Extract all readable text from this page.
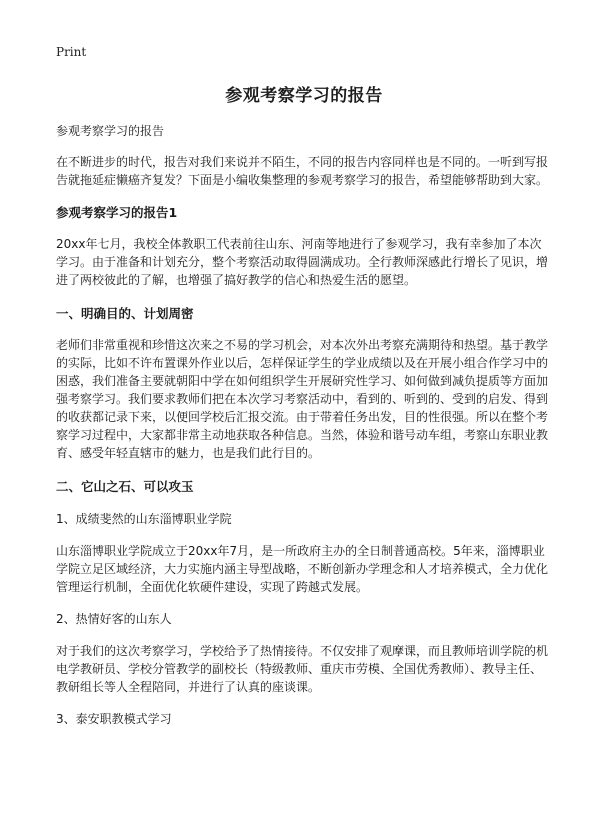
Print
参观考察学习的报告

参观考察学习的报告

在不断进步的时代，报告对我们来说并不陌生，不同的报告内容同样也是不同的。一听到写报告就拖延症懒癌齐复发？下面是小编收集整理的参观考察学习的报告，希望能够帮助到大家。

参观考察学习的报告1

20xx年七月，我校全体教职工代表前往山东、河南等地进行了参观学习，我有幸参加了本次学习。由于准备和计划充分，整个考察活动取得圆满成功。全行教师深感此行增长了见识，增进了两校彼此的了解，也增强了搞好教学的信心和热爱生活的愿望。

一、明确目的、计划周密

老师们非常重视和珍惜这次来之不易的学习机会，对本次外出考察充满期待和热望。基于教学的实际，比如不许布置课外作业以后，怎样保证学生的学业成绩以及在开展小组合作学习中的困惑，我们准备主要就朝阳中学在如何组织学生开展研究性学习、如何做到减负提质等方面加强考察学习。我们要求教师们把在本次学习考察活动中，看到的、听到的、受到的启发、得到的收获都记录下来，以便回学校后汇报交流。由于带着任务出发，目的性很强。所以在整个考察学习过程中，大家都非常主动地获取各种信息。当然，体验和谐号动车组，考察山东职业教育、感受年轻直辖市的魅力，也是我们此行目的。

二、它山之石、可以攻玉

1、成绩斐然的山东淄博职业学院

山东淄博职业学院成立于20xx年7月，是一所政府主办的全日制普通高校。5年来，淄博职业学院立足区域经济，大力实施内涵主导型战略，不断创新办学理念和人才培养模式，全力优化管理运行机制，全面优化软硬件建设，实现了跨越式发展。

2、热情好客的山东人

对于我们的这次考察学习，学校给予了热情接待。不仅安排了观摩课，而且教师培训学院的机电学教研员、学校分管教学的副校长（特级教师、重庆市劳模、全国优秀教师）、教导主任、教研组长等人全程陪同，并进行了认真的座谈课。

3、泰安职教模式学习
